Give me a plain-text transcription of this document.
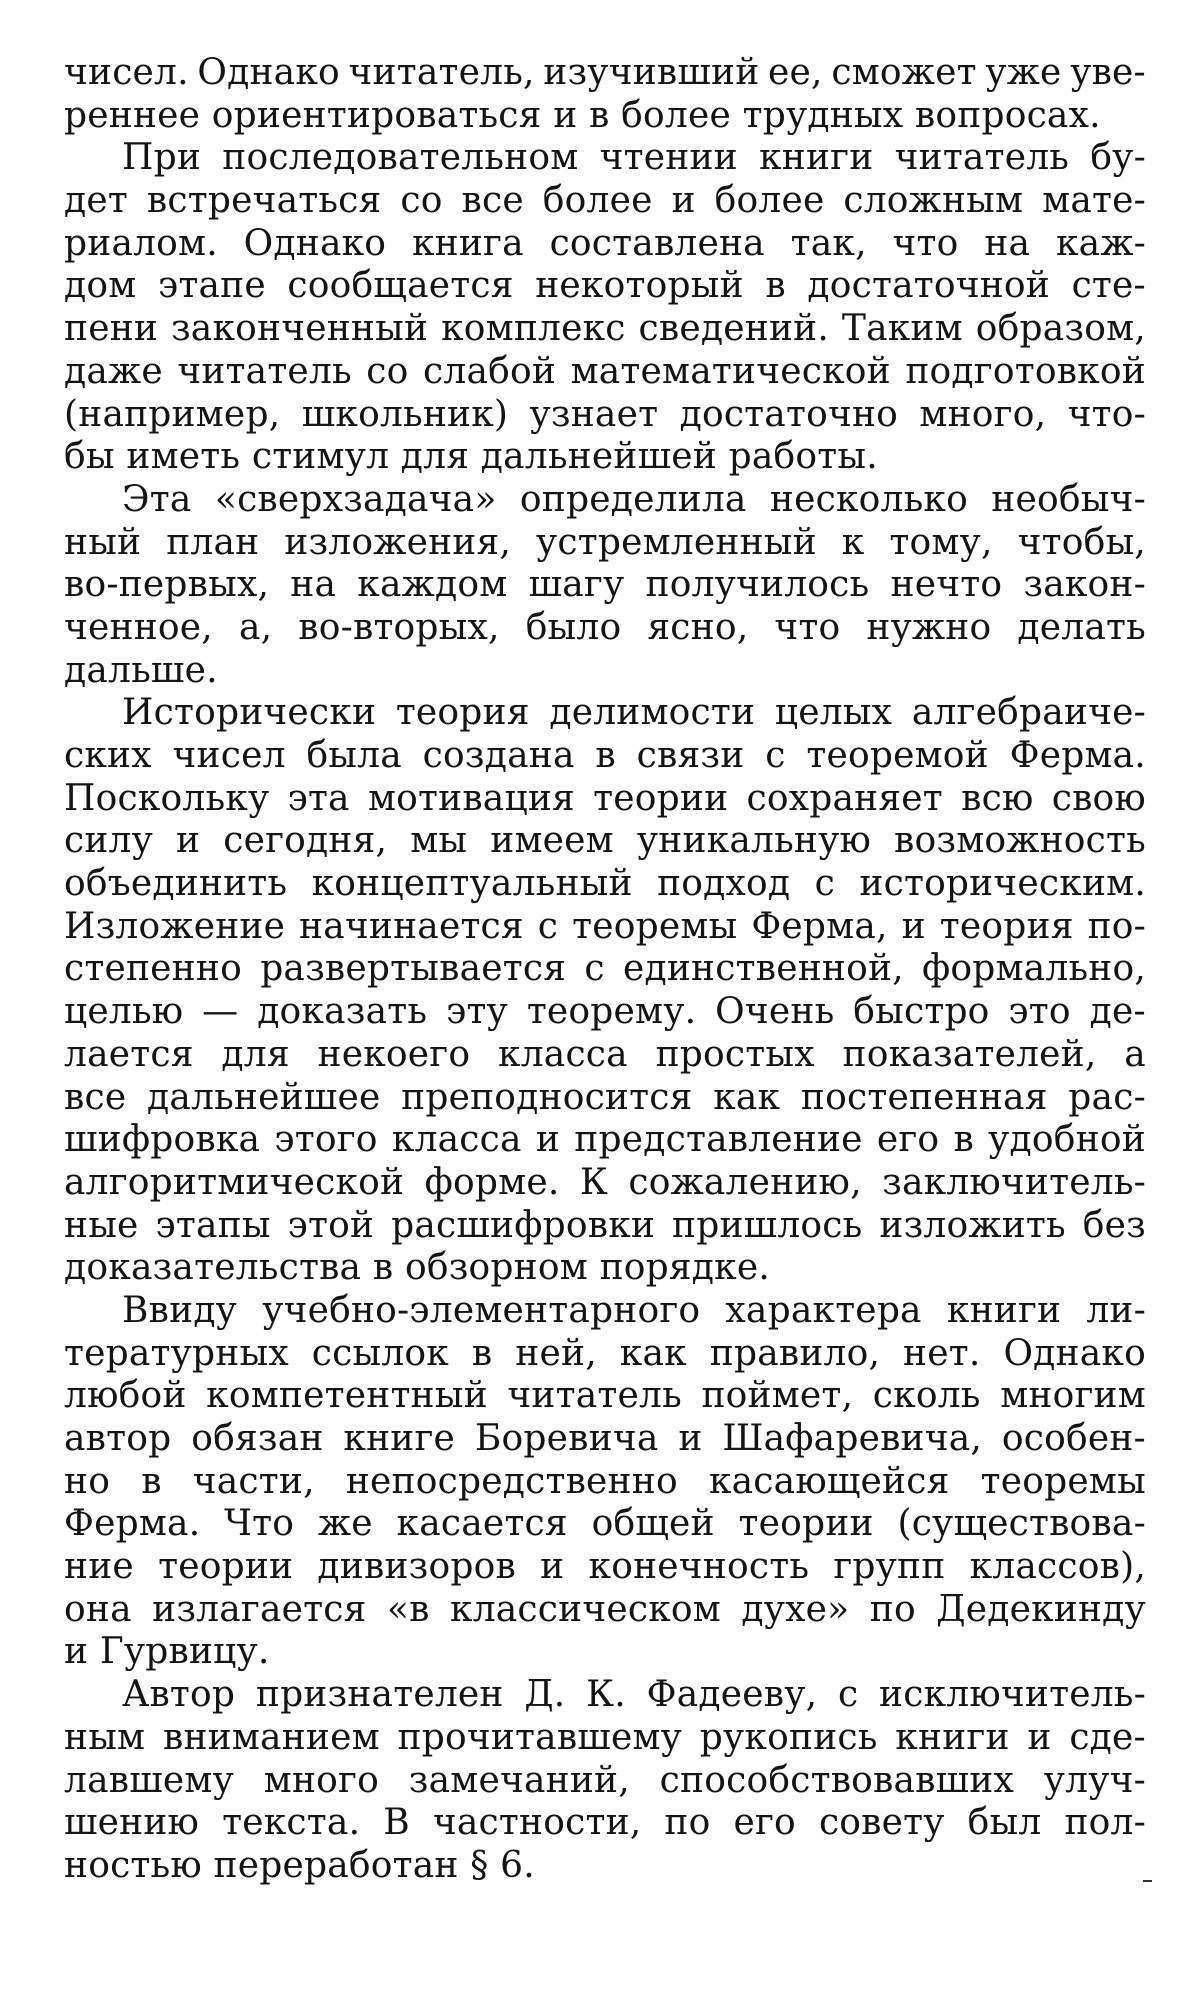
чисел. Однако читатель, изучивший ее, сможет уже уве-
реннее ориентироваться и в более трудных вопросах.
При последовательном чтении книги читатель бу-
дет встречаться со все более и более сложным мате-
риалом. Однако книга составлена так, что на каж-
дом этапе сообщается некоторый в достаточной сте-
пени законченный комплекс сведений. Таким образом,
даже читатель со слабой математической подготовкой
(например, школьник) узнает достаточно много, что-
бы иметь стимул для дальнейшей работы.
Эта «сверхзадача» определила несколько необыч-
ный план изложения, устремленный к тому, чтобы,
во-первых, на каждом шагу получилось нечто закон-
ченное, а, во-вторых, было ясно, что нужно делать
дальше.
Исторически теория делимости целых алгебраиче-
ских чисел была создана в связи с теоремой Ферма.
Поскольку эта мотивация теории сохраняет всю свою
силу и сегодня, мы имеем уникальную возможность
объединить концептуальный подход с историческим.
Изложение начинается с теоремы Ферма, и теория по-
степенно развертывается с единственной, формально,
целью — доказать эту теорему. Очень быстро это де-
лается для некоего класса простых показателей, а
все дальнейшее преподносится как постепенная рас-
шифровка этого класса и представление его в удобной
алгоритмической форме. К сожалению, заключитель-
ные этапы этой расшифровки пришлось изложить без
доказательства в обзорном порядке.
Ввиду учебно-элементарного характера книги ли-
тературных ссылок в ней, как правило, нет. Однако
любой компетентный читатель поймет, сколь многим
автор обязан книге Боревича и Шафаревича, особен-
но в части, непосредственно касающейся теоремы
Ферма. Что же касается общей теории (существова-
ние теории дивизоров и конечность групп классов),
она излагается «в классическом духе» по Дедекинду
и Гурвицу.
Автор признателен Д. К. Фадееву, с исключитель-
ным вниманием прочитавшему рукопись книги и сде-
лавшему много замечаний, способствовавших улуч-
шению текста. В частности, по его совету был пол-
ностью переработан § 6.
